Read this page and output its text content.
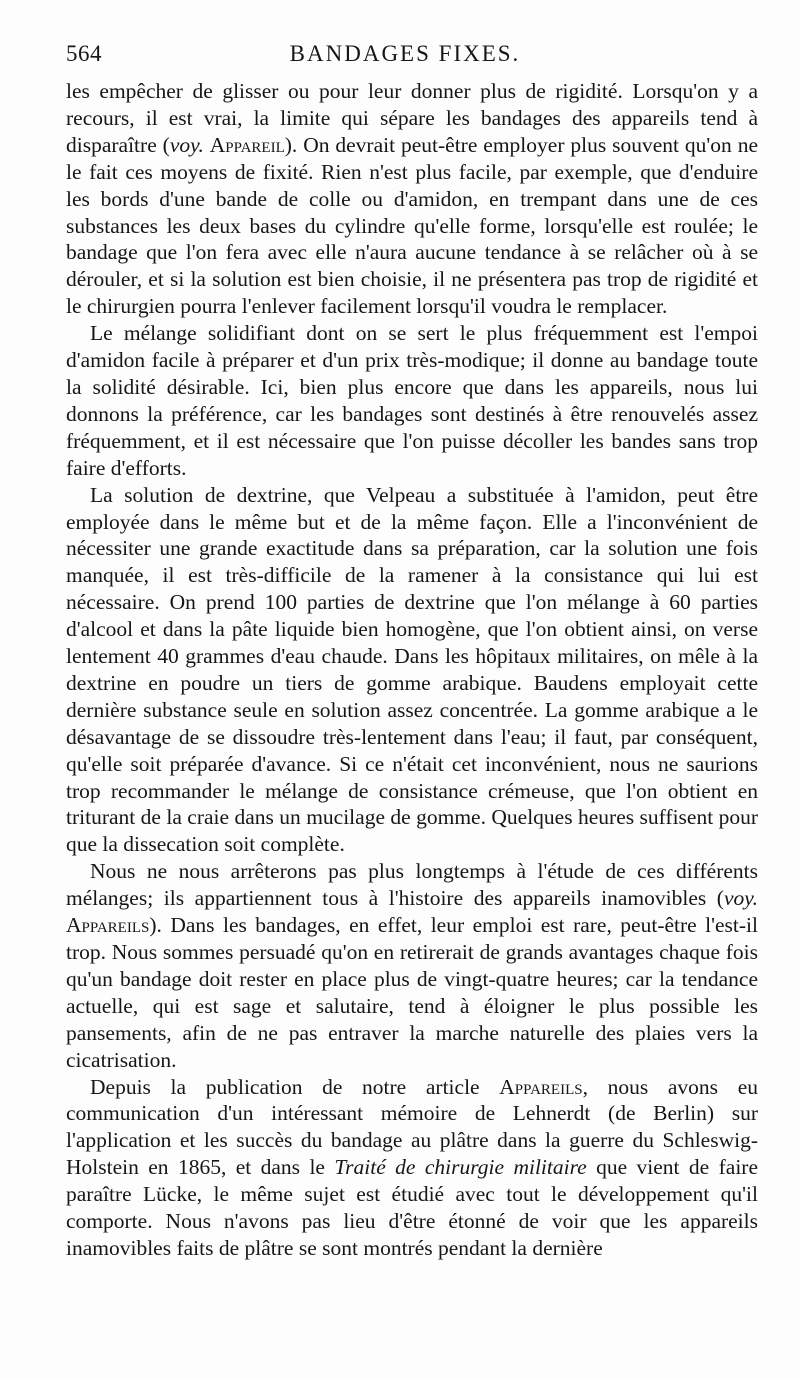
564	BANDAGES FIXES.

les empêcher de glisser ou pour leur donner plus de rigidité. Lorsqu'on y a recours, il est vrai, la limite qui sépare les bandages des appareils tend à disparaître (voy. Appareil). On devrait peut-être employer plus souvent qu'on ne le fait ces moyens de fixité. Rien n'est plus facile, par exemple, que d'enduire les bords d'une bande de colle ou d'amidon, en trempant dans une de ces substances les deux bases du cylindre qu'elle forme, lorsqu'elle est roulée; le bandage que l'on fera avec elle n'aura aucune tendance à se relâcher où à se dérouler, et si la solution est bien choisie, il ne présentera pas trop de rigidité et le chirurgien pourra l'enlever facilement lorsqu'il voudra le remplacer.

Le mélange solidifiant dont on se sert le plus fréquemment est l'empoi d'amidon facile à préparer et d'un prix très-modique; il donne au bandage toute la solidité désirable. Ici, bien plus encore que dans les appareils, nous lui donnons la préférence, car les bandages sont destinés à être renouvelés assez fréquemment, et il est nécessaire que l'on puisse décoller les bandes sans trop faire d'efforts.

La solution de dextrine, que Velpeau a substituée à l'amidon, peut être employée dans le même but et de la même façon. Elle a l'inconvénient de nécessiter une grande exactitude dans sa préparation, car la solution une fois manquée, il est très-difficile de la ramener à la consistance qui lui est nécessaire. On prend 100 parties de dextrine que l'on mélange à 60 parties d'alcool et dans la pâte liquide bien homogène, que l'on obtient ainsi, on verse lentement 40 grammes d'eau chaude. Dans les hôpitaux militaires, on mêle à la dextrine en poudre un tiers de gomme arabique. Baudens employait cette dernière substance seule en solution assez concentrée. La gomme arabique a le désavantage de se dissoudre très-lentement dans l'eau; il faut, par conséquent, qu'elle soit préparée d'avance. Si ce n'était cet inconvénient, nous ne saurions trop recommander le mélange de consistance crémeuse, que l'on obtient en triturant de la craie dans un mucilage de gomme. Quelques heures suffisent pour que la dissecation soit complète.

Nous ne nous arrêterons pas plus longtemps à l'étude de ces différents mélanges; ils appartiennent tous à l'histoire des appareils inamovibles (voy. Appareils). Dans les bandages, en effet, leur emploi est rare, peut-être l'est-il trop. Nous sommes persuadé qu'on en retirerait de grands avantages chaque fois qu'un bandage doit rester en place plus de vingt-quatre heures; car la tendance actuelle, qui est sage et salutaire, tend à éloigner le plus possible les pansements, afin de ne pas entraver la marche naturelle des plaies vers la cicatrisation.

Depuis la publication de notre article Appareils, nous avons eu communication d'un intéressant mémoire de Lehnerdt (de Berlin) sur l'application et les succès du bandage au plâtre dans la guerre du Schleswig-Holstein en 1865, et dans le Traité de chirurgie militaire que vient de faire paraître Lücke, le même sujet est étudié avec tout le développement qu'il comporte. Nous n'avons pas lieu d'être étonné de voir que les appareils inamovibles faits de plâtre se sont montrés pendant la dernière
